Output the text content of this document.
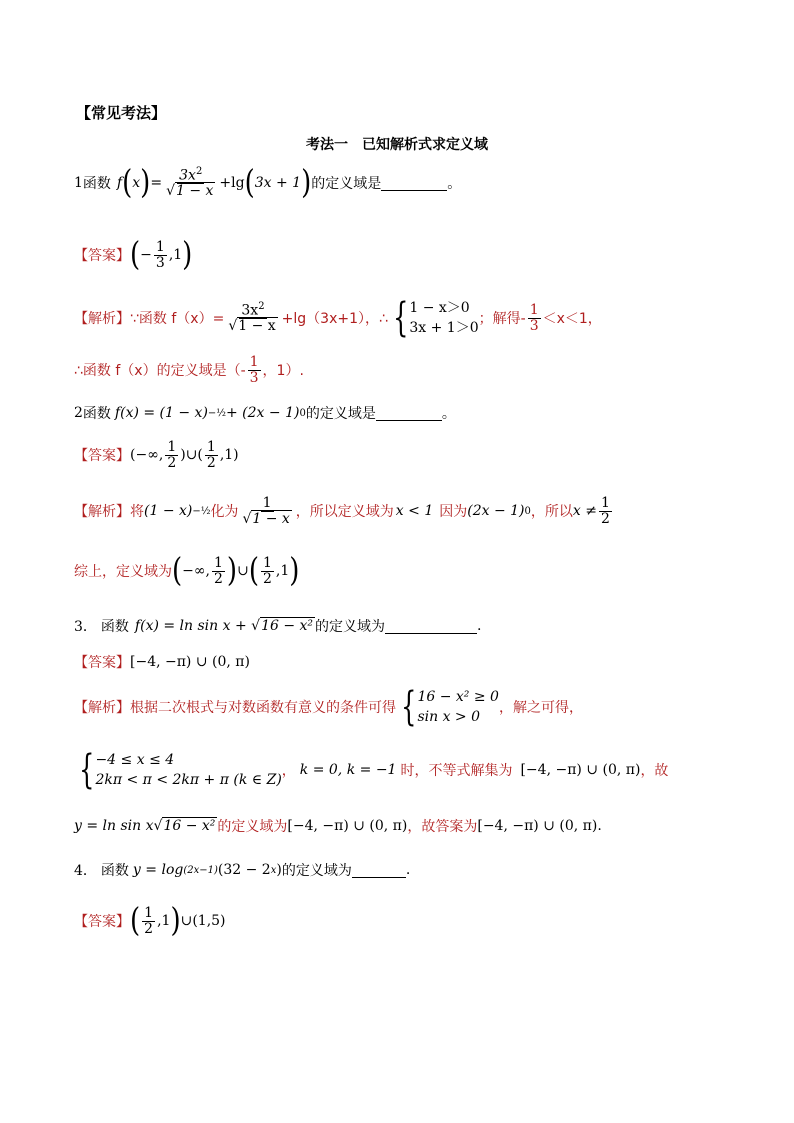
【常见考法】
考法一　已知解析式求定义域
1 函数 f ( x ) = $\frac{3x^2}{√1 - x} +\lg$ ( 3x + 1 ) 的定义域是	。
【答案】 ( − $\frac{1}{3} ,1$ )
【解析】 ∵函数 $f(x)= \frac{3x^2}{√1 - x} +\lg(3x+1)$，∴ { 1 − x＞0
3x + 1＞0
；解得- $\frac{1}{3} <x<1$，
∴函数 f（x）的定义域是（- $\frac{1}{3}$ ，1）.
2 函数 f(x) = (1 − x) −½ + (2x − 1) 0 的定义域是	。
【答案】 (−∞, $\frac{1}{2}$ )∪( $\frac{1}{2} ,1$)
【解析】 将 (1 − x) −½ 化为 $\frac{1}{√1 - x}$ ，所以定义域为 x < 1 因为 (2x − 1) 0 ，所以 $x \ne \frac{1}{2}$
综上，定义域为 ( −∞, $\frac{1}{2}$ ) ∪ ( $\frac{1}{2} ,1$ )
3． 函数 f(x) = ln sin x + √16 − x² 的定义域为	.
【答案】 [−4, −π) ∪ (0, π)
【解析】 根据二次根式与对数函数有意义的条件可得 { 16 − x² ≥ 0
sin x > 0
，解之可得，
{ −4 ≤ x ≤ 4
2kπ < π < 2kπ + π (k ∈ Z)
， k = 0, k = −1 时，不等式解集为 [−4, −π) ∪ (0, π) ，故
y = ln sin x √16 − x² 的定义域为 [−4, −π) ∪ (0, π) ，故答案为 [−4, −π) ∪ (0, π) .
4． 函数 y = log (2x−1) (32 − 2 x ) 的定义域为	.
【答案】 ( $\frac{1}{2} ,1$ ) ∪(1,5)
